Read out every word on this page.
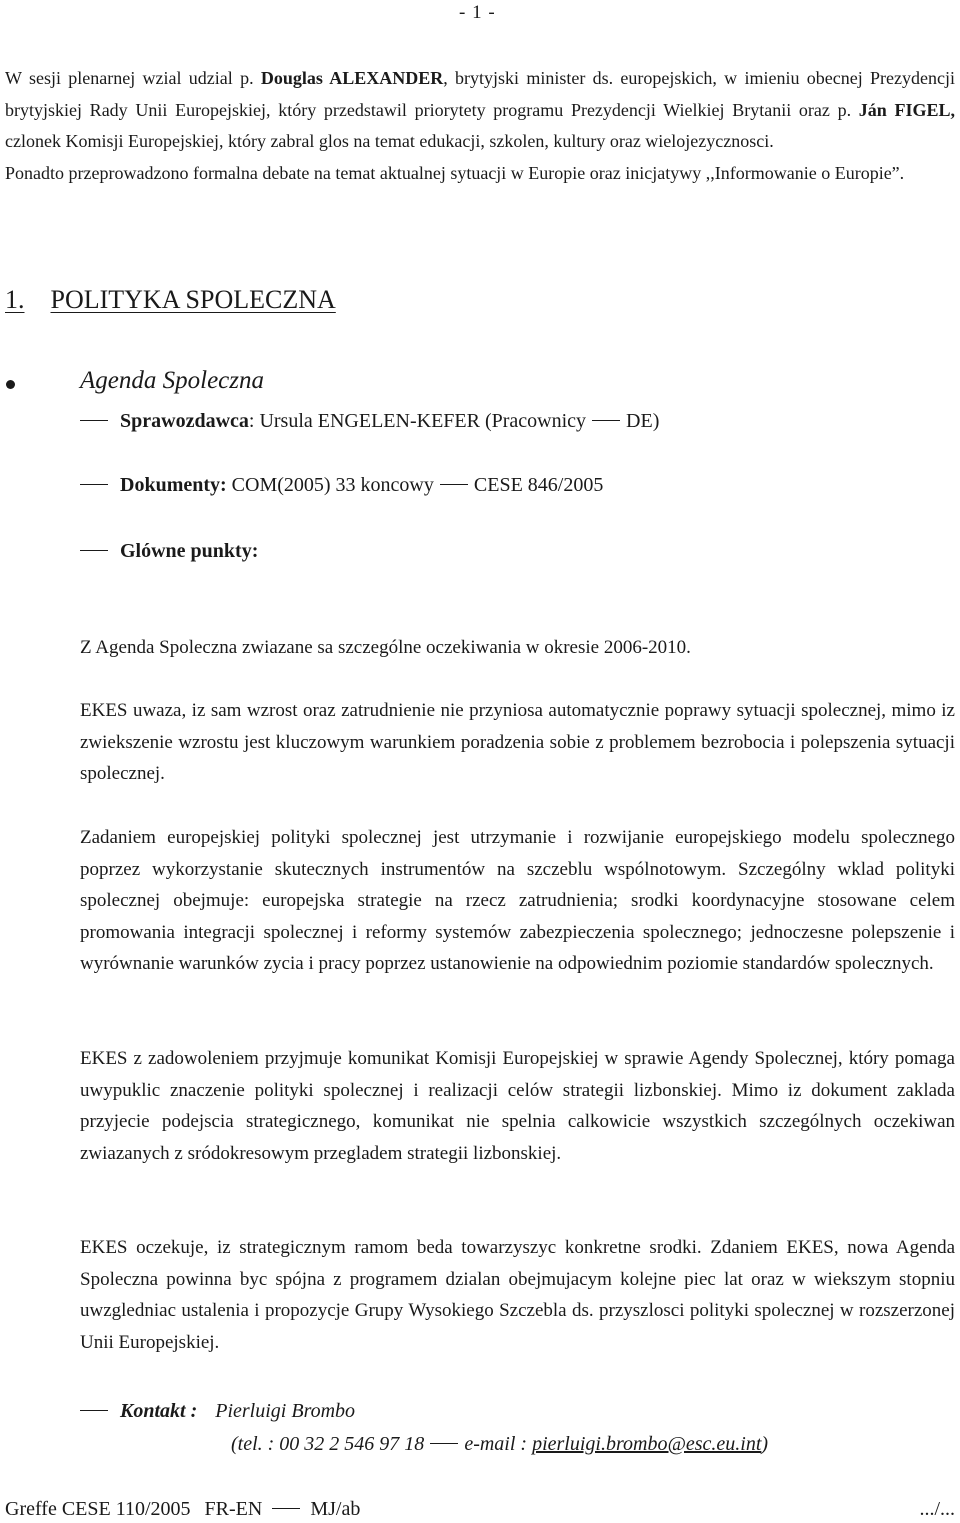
- 1 -

W sesji plenarnej wzial udzial p. Douglas ALEXANDER, brytyjski minister ds. europejskich, w imieniu obecnej Prezydencji brytyjskiej Rady Unii Europejskiej, który przedstawil priorytety programu Prezydencji Wielkiej Brytanii oraz p. Ján FIGEL, czlonek Komisji Europejskiej, który zabral glos na temat edukacji, szkolen, kultury oraz wielojezycznosci.

Ponadto przeprowadzono formalna debate na temat aktualnej sytuacji w Europie oraz inicjatywy ,,Informowanie o Europie”.

1. POLITYKA SPOLECZNA
Agenda Spoleczna
Sprawozdawca: Ursula ENGELEN-KEFER (Pracownicy DE)
Dokumenty: COM(2005) 33 koncowy CESE 846/2005
Glówne punkty:

Z Agenda Spoleczna zwiazane sa szczególne oczekiwania w okresie 2006-2010.

EKES uwaza, iz sam wzrost oraz zatrudnienie nie przyniosa automatycznie poprawy sytuacji spolecznej, mimo iz zwiekszenie wzrostu jest kluczowym warunkiem poradzenia sobie z problemem bezrobocia i polepszenia sytuacji spolecznej.

Zadaniem europejskiej polityki spolecznej jest utrzymanie i rozwijanie europejskiego modelu spolecznego poprzez wykorzystanie skutecznych instrumentów na szczeblu wspólnotowym. Szczególny wklad polityki spolecznej obejmuje: europejska strategie na rzecz zatrudnienia; srodki koordynacyjne stosowane celem promowania integracji spolecznej i reformy systemów zabezpieczenia spolecznego; jednoczesne polepszenie i wyrównanie warunków zycia i pracy poprzez ustanowienie na odpowiednim poziomie standardów spolecznych.

EKES z zadowoleniem przyjmuje komunikat Komisji Europejskiej w sprawie Agendy Spolecznej, który pomaga uwypuklic znaczenie polityki spolecznej i realizacji celów strategii lizbonskiej. Mimo iz dokument zaklada przyjecie podejscia strategicznego, komunikat nie spelnia calkowicie wszystkich szczególnych oczekiwan zwiazanych z sródokresowym przegladem strategii lizbonskiej.

EKES oczekuje, iz strategicznym ramom beda towarzyszyc konkretne srodki. Zdaniem EKES, nowa Agenda Spoleczna powinna byc spójna z programem dzialan obejmujacym kolejne piec lat oraz w wiekszym stopniu uwzgledniac ustalenia i propozycje Grupy Wysokiego Szczebla ds. przyszlosci polityki spolecznej w rozszerzonej Unii Europejskiej.

Kontakt : Pierluigi Brombo
(tel. : 00 32 2 546 97 18 e-mail : pierluigi.brombo@esc.eu.int)
Greffe CESE 110/2005 FR-EN MJ/ab	.../...
